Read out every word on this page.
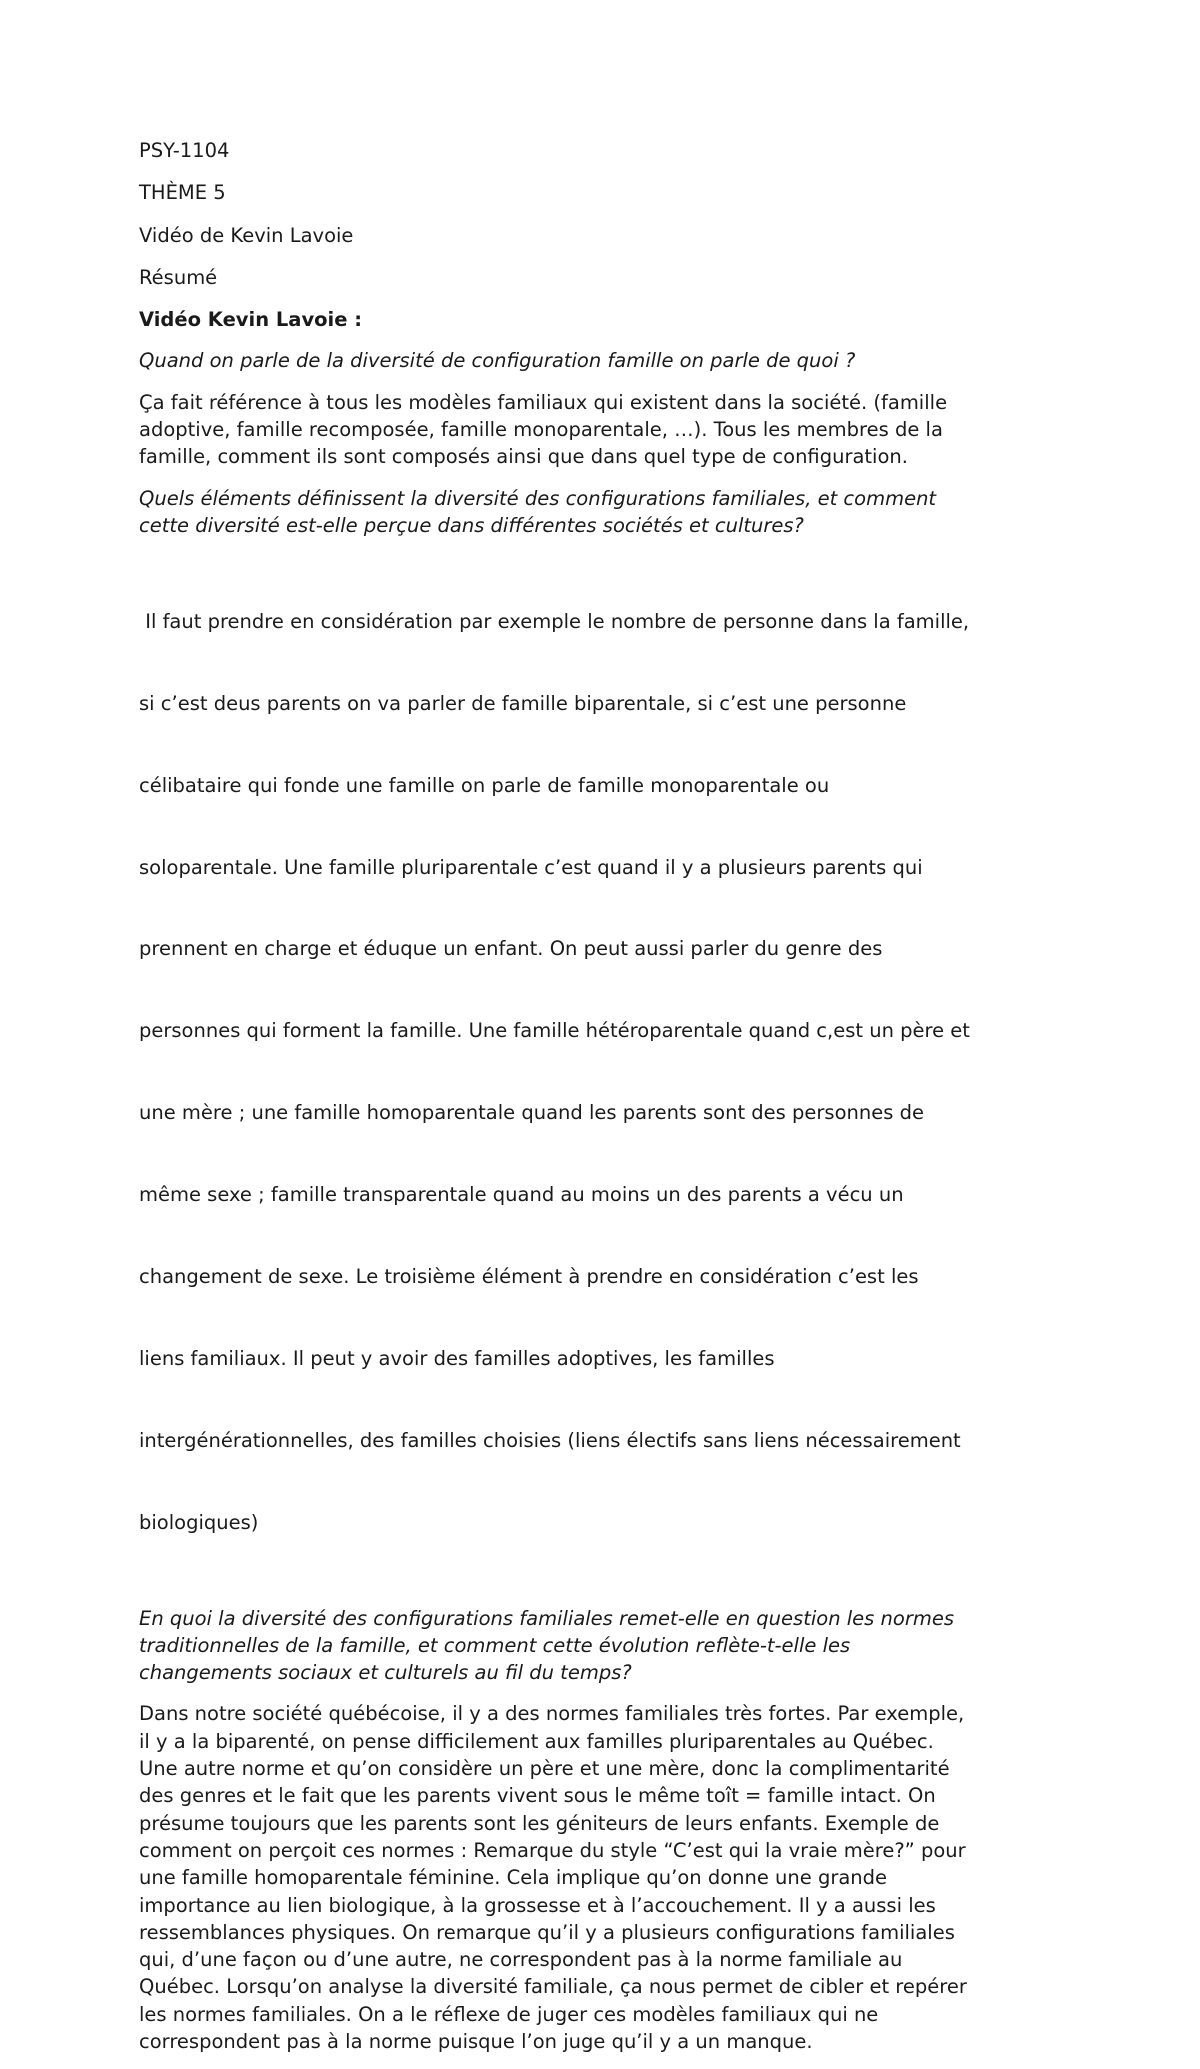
PSY-1104

THÈME 5

Vidéo de Kevin Lavoie

Résumé

Vidéo Kevin Lavoie :

Quand on parle de la diversité de configuration famille on parle de quoi ?

Ça fait référence à tous les modèles familiaux qui existent dans la société. (famille
adoptive, famille recomposée, famille monoparentale, …). Tous les membres de la
famille, comment ils sont composés ainsi que dans quel type de configuration.

Quels éléments définissent la diversité des configurations familiales, et comment
cette diversité est-elle perçue dans différentes sociétés et cultures?

Il faut prendre en considération par exemple le nombre de personne dans la famille,

si c’est deus parents on va parler de famille biparentale, si c’est une personne

célibataire qui fonde une famille on parle de famille monoparentale ou

soloparentale. Une famille pluriparentale c’est quand il y a plusieurs parents qui

prennent en charge et éduque un enfant. On peut aussi parler du genre des

personnes qui forment la famille. Une famille hétéroparentale quand c,est un père et

une mère ; une famille homoparentale quand les parents sont des personnes de

même sexe ; famille transparentale quand au moins un des parents a vécu un

changement de sexe. Le troisième élément à prendre en considération c’est les

liens familiaux. Il peut y avoir des familles adoptives, les familles

intergénérationnelles, des familles choisies (liens électifs sans liens nécessairement

biologiques)

En quoi la diversité des configurations familiales remet-elle en question les normes
traditionnelles de la famille, et comment cette évolution reflète-t-elle les
changements sociaux et culturels au fil du temps?

Dans notre société québécoise, il y a des normes familiales très fortes. Par exemple,
il y a la biparenté, on pense difficilement aux familles pluriparentales au Québec.
Une autre norme et qu’on considère un père et une mère, donc la complimentarité
des genres et le fait que les parents vivent sous le même toît = famille intact. On
présume toujours que les parents sont les géniteurs de leurs enfants. Exemple de
comment on perçoit ces normes : Remarque du style “C’est qui la vraie mère?” pour
une famille homoparentale féminine. Cela implique qu’on donne une grande
importance au lien biologique, à la grossesse et à l’accouchement. Il y a aussi les
ressemblances physiques. On remarque qu’il y a plusieurs configurations familiales
qui, d’une façon ou d’une autre, ne correspondent pas à la norme familiale au
Québec. Lorsqu’on analyse la diversité familiale, ça nous permet de cibler et repérer
les normes familiales. On a le réflexe de juger ces modèles familiaux qui ne
correspondent pas à la norme puisque l’on juge qu’il y a un manque.
